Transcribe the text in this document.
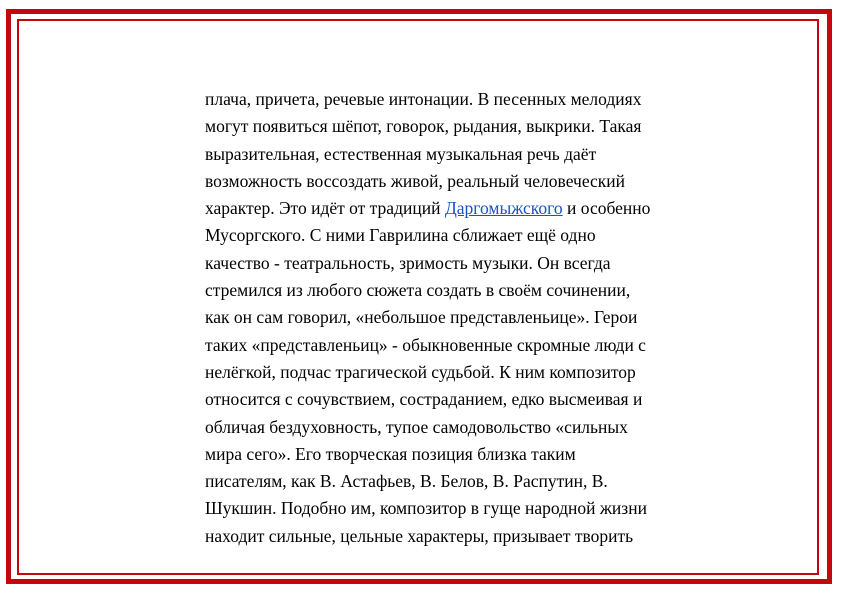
плача, причета, речевые интонации. В песенных мелодиях
могут появиться шёпот, говорок, рыдания, выкрики. Такая
выразительная, естественная музыкальная речь даёт
возможность воссоздать живой, реальный человеческий
характер. Это идёт от традиций Даргомыжского и особенно
Мусоргского. С ними Гаврилина сближает ещё одно
качество - театральность, зримость музыки. Он всегда
стремился из любого сюжета создать в своём сочинении,
как он сам говорил, «небольшое представленьице». Герои
таких «представленьиц» - обыкновенные скромные люди с
нелёгкой, подчас трагической судьбой. К ним композитор
относится с сочувствием, состраданием, едко высмеивая и
обличая бездуховность, тупое самодовольство «сильных
мира сего». Его творческая позиция близка таким
писателям, как В. Астафьев, В. Белов, В. Распутин, В.
Шукшин. Подобно им, композитор в гуще народной жизни
находит сильные, цельные характеры, призывает творить
